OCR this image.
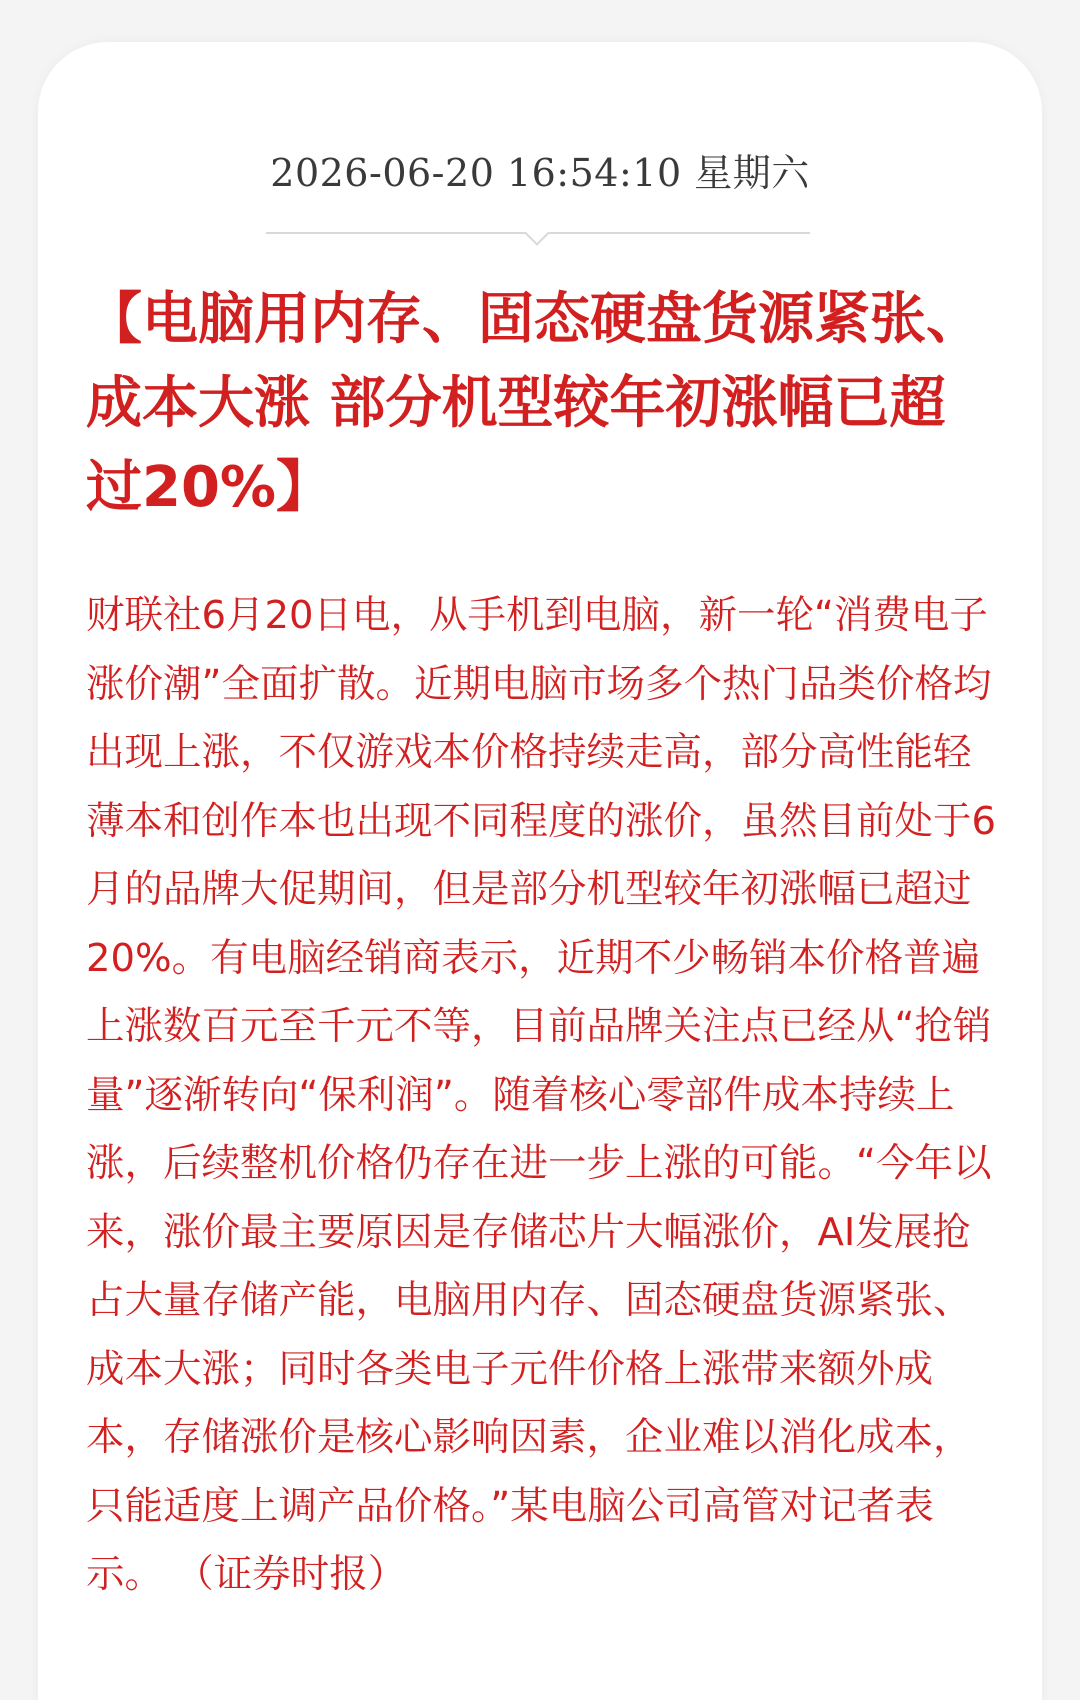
2026-06-20 16:54:10 星期六
【电脑用内存、固态硬盘货源紧张、成本大涨 部分机型较年初涨幅已超过20%】

财联社6月20日电，从手机到电脑，新一轮“消费电子涨价潮”全面扩散。近期电脑市场多个热门品类价格均出现上涨，不仅游戏本价格持续走高，部分高性能轻薄本和创作本也出现不同程度的涨价，虽然目前处于6月的品牌大促期间，但是部分机型较年初涨幅已超过20%。有电脑经销商表示，近期不少畅销本价格普遍上涨数百元至千元不等，目前品牌关注点已经从“抢销量”逐渐转向“保利润”。随着核心零部件成本持续上涨，后续整机价格仍存在进一步上涨的可能。“今年以来，涨价最主要原因是存储芯片大幅涨价，AI发展抢占大量存储产能，电脑用内存、固态硬盘货源紧张、成本大涨；同时各类电子元件价格上涨带来额外成本，存储涨价是核心影响因素，企业难以消化成本，只能适度上调产品价格。”某电脑公司高管对记者表示。 （证券时报）
